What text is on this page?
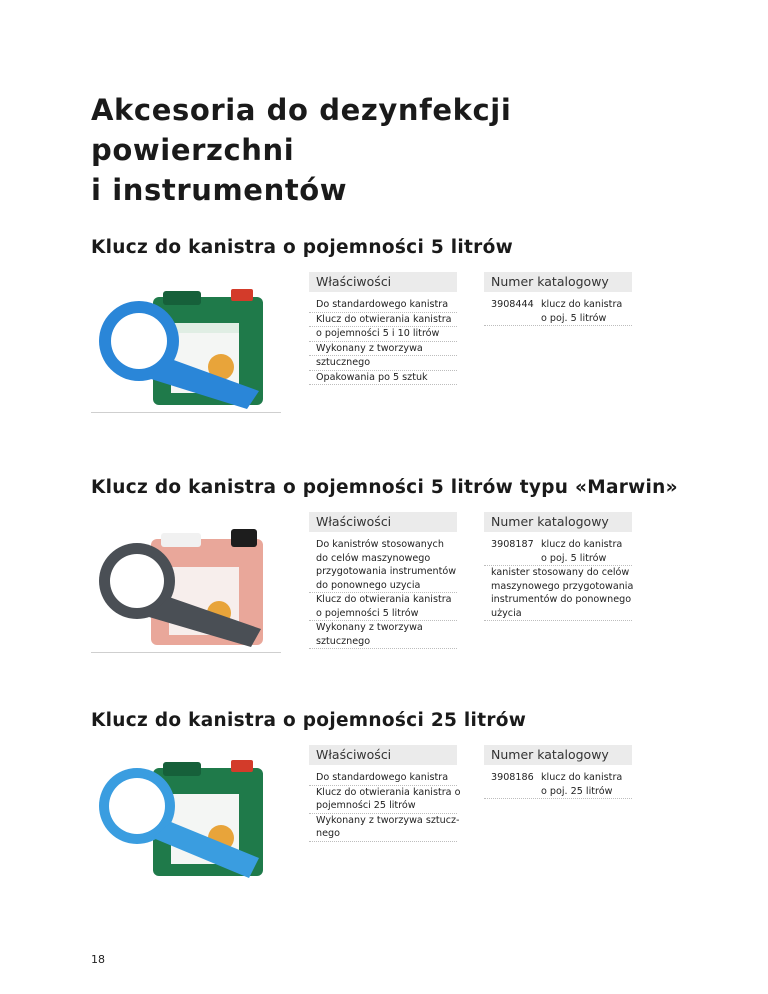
Akcesoria do dezynfekcji powierzchni
i instrumentów
Klucz do kanistra o pojemności 5 litrów
Właściwości
Do standardowego kanistra
Klucz do otwierania kanistra
o pojemności 5 i 10 litrów
Wykonany z tworzywa
sztucznego
Opakowania po 5 sztuk
Numer katalogowy
3908444 klucz do kanistra
o poj. 5 litrów
Klucz do kanistra o pojemności 5 litrów typu «Marwin»
Właściwości
Do kanistrów stosowanych
do celów maszynowego
przygotowania instrumentów
do ponownego uzycia
Klucz do otwierania kanistra
o pojemności 5 litrów
Wykonany z tworzywa
sztucznego
Numer katalogowy
3908187 klucz do kanistra
o poj. 5 litrów
kanister stosowany do celów
maszynowego przygotowania
instrumentów do ponownego
użycia
Klucz do kanistra o pojemności 25 litrów
Właściwości
Do standardowego kanistra
Klucz do otwierania kanistra o
pojemności 25 litrów
Wykonany z tworzywa sztucz-
nego
Numer katalogowy
3908186 klucz do kanistra
o poj. 25 litrów
18
